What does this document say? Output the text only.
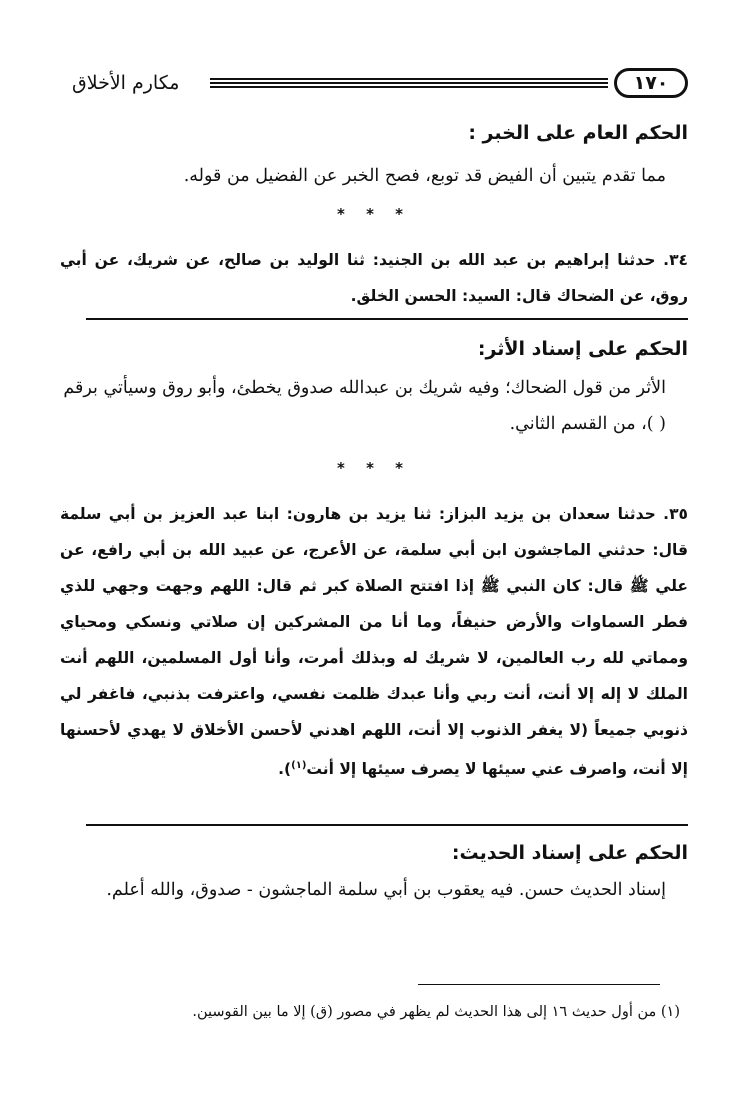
١٧٠
مكارم الأخلاق
الحكم العام على الخبر :
مما تقدم يتبين أن الفيض قد توبع، فصح الخبر عن الفضيل من قوله.
* * *
٣٤. حدثنا إبراهيم بن عبد الله بن الجنيد: ثنا الوليد بن صالح، عن شريك، عن أبي روق، عن الضحاك قال: السيد: الحسن الخلق.
الحكم على إسناد الأثر:
الأثر من قول الضحاك؛ وفيه شريك بن عبدالله صدوق يخطئ، وأبو روق وسيأتي برقم ( )، من القسم الثاني.
* * *
٣٥. حدثنا سعدان بن يزيد البزاز: ثنا يزيد بن هارون: ابنا عبد العزيز بن أبي سلمة قال: حدثني الماجشون ابن أبي سلمة، عن الأعرج، عن عبيد الله بن أبي رافع، عن علي ﷺ قال: كان النبي ﷺ إذا افتتح الصلاة كبر ثم قال: اللهم وجهت وجهي للذي فطر السماوات والأرض حنيفاً، وما أنا من المشركين إن صلاتي ونسكي ومحياي ومماتي لله رب العالمين، لا شريك له وبذلك أمرت، وأنا أول المسلمين، اللهم أنت الملك لا إله إلا أنت، أنت ربي وأنا عبدك ظلمت نفسي، واعترفت بذنبي، فاغفر لي ذنوبي جميعاً (لا يغفر الذنوب إلا أنت، اللهم اهدني لأحسن الأخلاق لا يهدي لأحسنها إلا أنت، واصرف عني سيئها لا يصرف سيئها إلا أنت$^{(١)}$).
الحكم على إسناد الحديث:
إسناد الحديث حسن. فيه يعقوب بن أبي سلمة الماجشون - صدوق، والله أعلم.
(١) من أول حديث ١٦ إلى هذا الحديث لم يظهر في مصور (ق) إلا ما بين القوسين.
